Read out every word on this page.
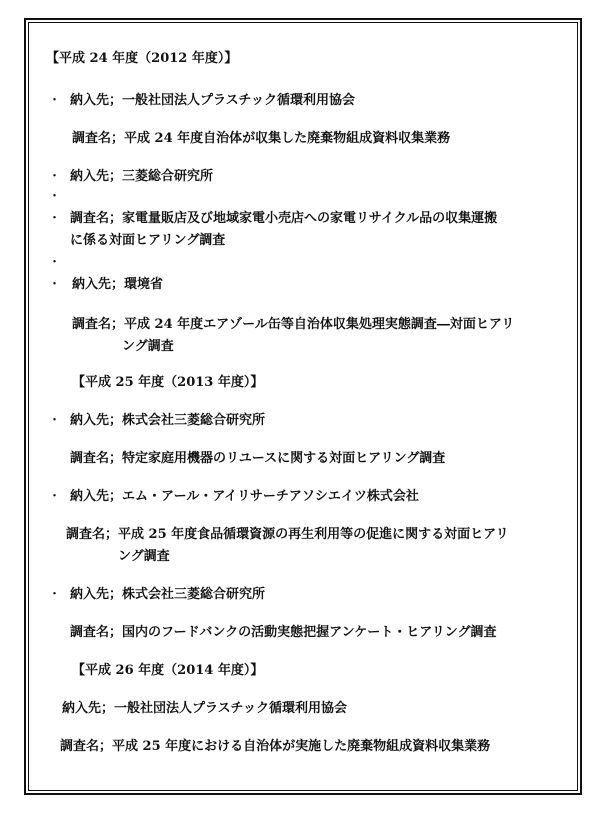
【平成 24 年度（2012 年度）】
・ 納入先；一般社団法人プラスチック循環利用協会
調査名；平成 24 年度自治体が収集した廃棄物組成資料収集業務
・ 納入先；三菱総合研究所
・
・ 調査名；家電量販店及び地域家電小売店への家電リサイクル品の収集運搬
に係る対面ヒアリング調査
・
・ 納入先；環境省
調査名；平成 24 年度エアゾール缶等自治体収集処理実態調査―対面ヒアリ
ング調査
【平成 25 年度（2013 年度）】
・ 納入先；株式会社三菱総合研究所
調査名；特定家庭用機器のリユースに関する対面ヒアリング調査
・ 納入先；エム・アール・アイリサーチアソシエイツ株式会社
調査名；平成 25 年度食品循環資源の再生利用等の促進に関する対面ヒアリ
ング調査
・ 納入先；株式会社三菱総合研究所
調査名；国内のフードバンクの活動実態把握アンケート・ヒアリング調査
【平成 26 年度（2014 年度）】
納入先；一般社団法人プラスチック循環利用協会
調査名；平成 25 年度における自治体が実施した廃棄物組成資料収集業務
